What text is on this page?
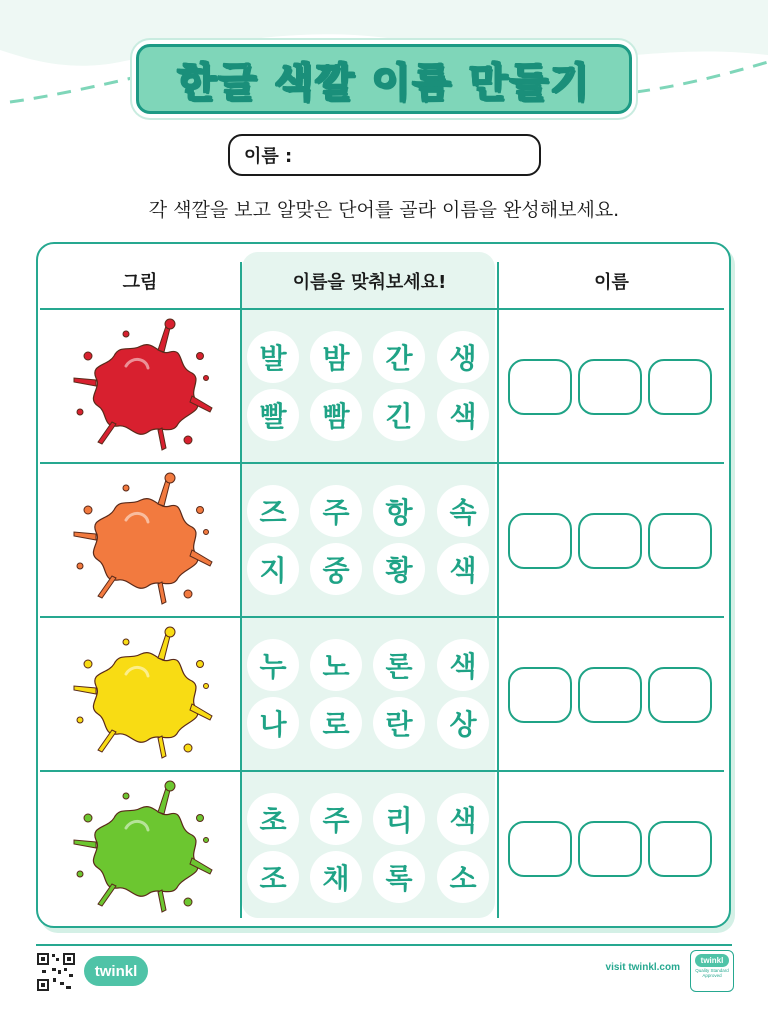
한글 색깔 이름 만들기
이름 :
각 색깔을 보고 알맞은 단어를 골라 이름을 완성해보세요.
그림	이름을 맞춰보세요!	이름
발	밤	간	생
빨	빰	긴	색
즈	주	항	속
지	중	황	색
누	노	론	색
나	로	란	상
초	주	리	색
조	채	록	소
twinkl	visit twinkl.com
twinkl
Quality Standard Approved
